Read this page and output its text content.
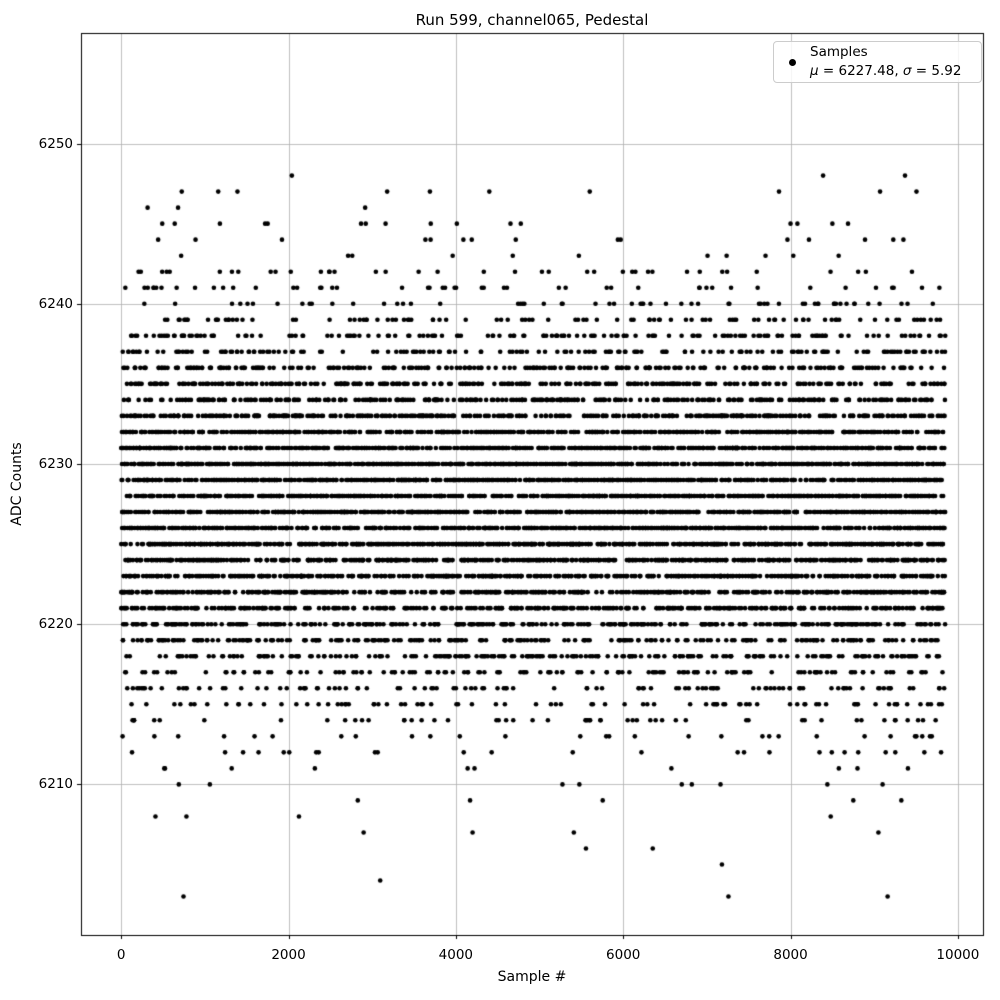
Run 599, channel065, Pedestal
Sample #
ADC Counts
0	2000	4000	6000	8000	10000
6210
6220
6230
6240
6250
Samples
μ = 6227.48, σ = 5.92
